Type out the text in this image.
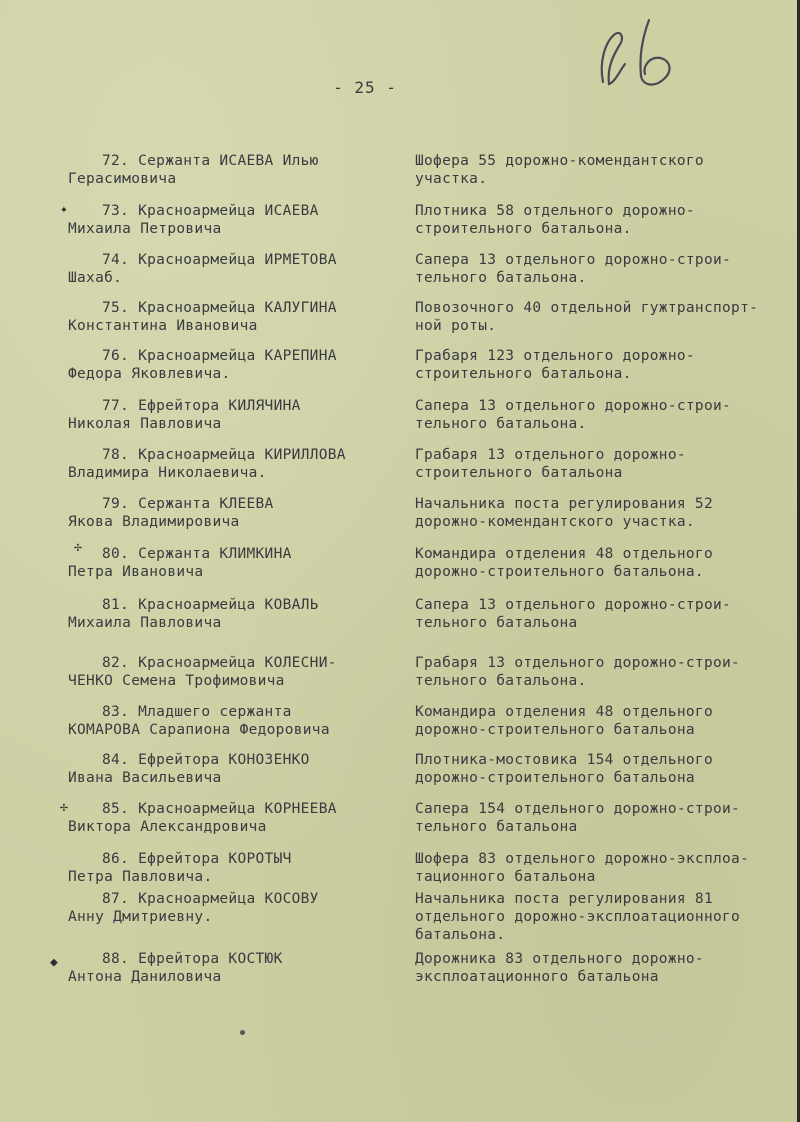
- 25 -
✦
✢
✢
◆
72. Сержанта ИСАЕВА Илью
Герасимовича
Шофера 55 дорожно-комендантского
участка.
73. Красноармейца ИСАЕВА
Михаила Петровича
Плотника 58 отдельного дорожно-
строительного батальона.
74. Красноармейца ИРМЕТОВА
Шахаб.
Сапера 13 отдельного дорожно-строи-
тельного батальона.
75. Красноармейца КАЛУГИНА
Константина Ивановича
Повозочного 40 отдельной гужтранспорт-
ной роты.
76. Красноармейца КАРЕПИНА
Федора Яковлевича.
Грабаря 123 отдельного дорожно-
строительного батальона.
77. Ефрейтора КИЛЯЧИНА
Николая Павловича
Сапера 13 отдельного дорожно-строи-
тельного батальона.
78. Красноармейца КИРИЛЛОВА
Владимира Николаевича.
Грабаря 13 отдельного дорожно-
строительного батальона
79. Сержанта КЛЕЕВА
Якова Владимировича
Начальника поста регулирования 52
дорожно-комендантского участка.
80. Сержанта КЛИМКИНА
Петра Ивановича
Командира отделения 48 отдельного
дорожно-строительного батальона.
81. Красноармейца КОВАЛЬ
Михаила Павловича
Сапера 13 отдельного дорожно-строи-
тельного батальона
82. Красноармейца КОЛЕСНИ-
ЧЕНКО Семена Трофимовича
Грабаря 13 отдельного дорожно-строи-
тельного батальона.
83. Младшего сержанта
КОМАРОВА Сарапиона Федоровича
Командира отделения 48 отдельного
дорожно-строительного батальона
84. Ефрейтора КОНОЗЕНКО
Ивана Васильевича
Плотника-мостовика 154 отдельного
дорожно-строительного батальона
85. Красноармейца КОРНЕЕВА
Виктора Александровича
Сапера 154 отдельного дорожно-строи-
тельного батальона
86. Ефрейтора КОРОТЫЧ
Петра Павловича.
Шофера 83 отдельного дорожно-эксплоа-
тационного батальона
87. Красноармейца КОСОВУ
Анну Дмитриевну.
Начальника поста регулирования 81
отдельного дорожно-эксплоатационного
батальона.
88. Ефрейтора КОСТЮК
Антона Даниловича
Дорожника 83 отдельного дорожно-
эксплоатационного батальона
